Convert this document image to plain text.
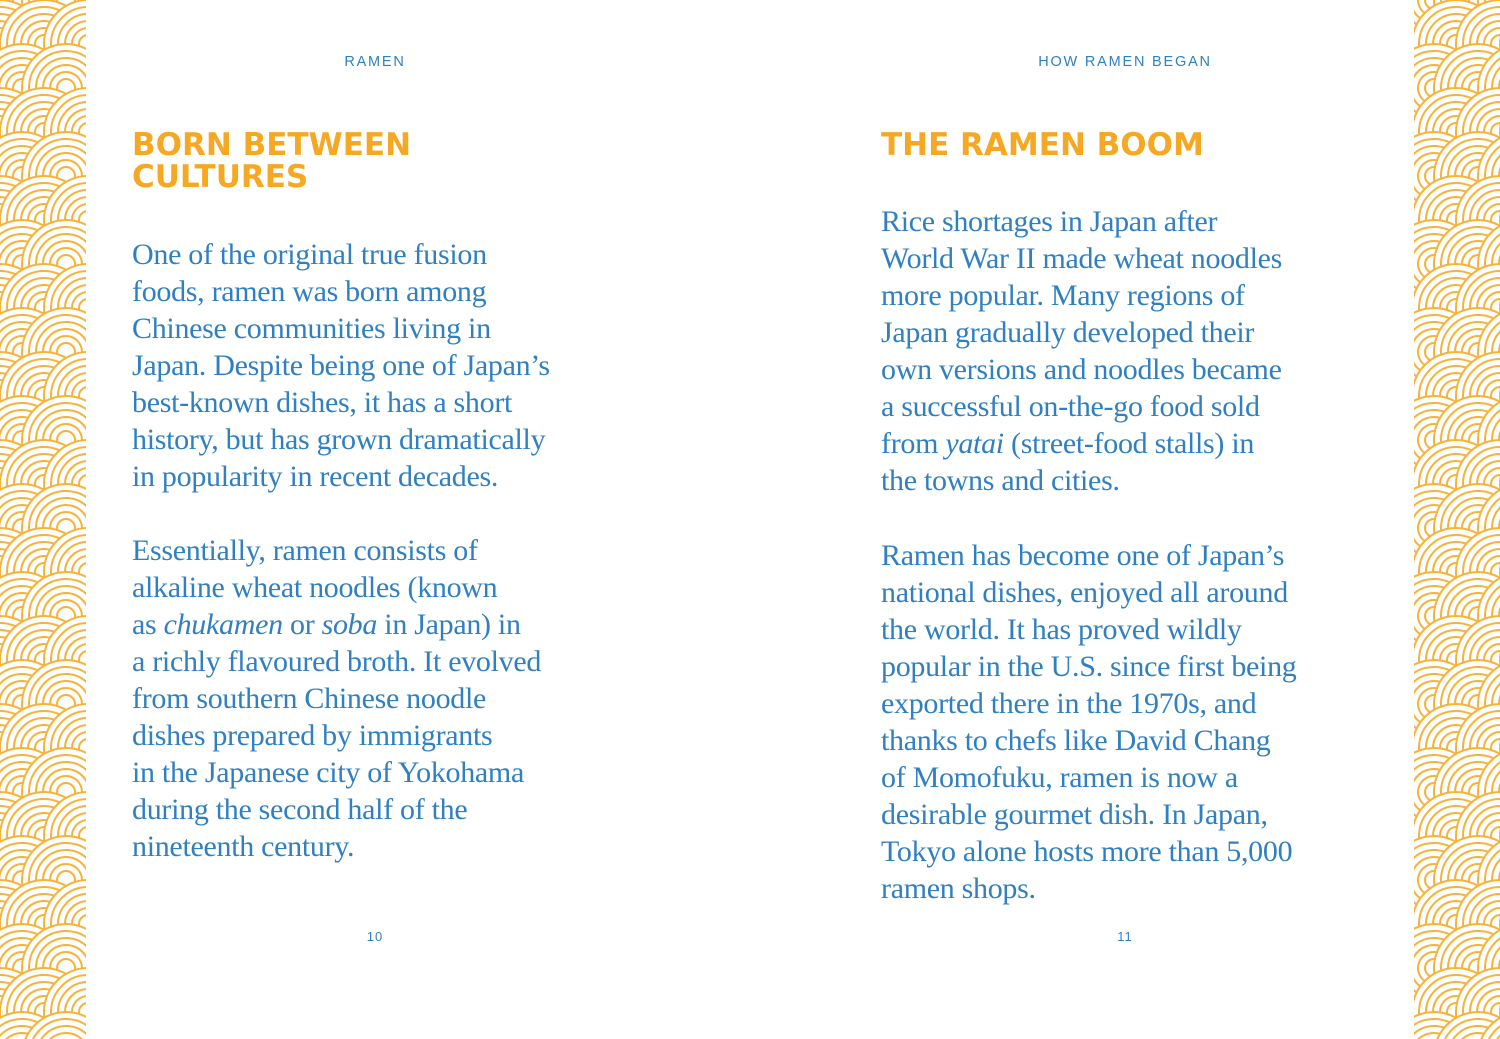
RAMEN
BORN BETWEEN
CULTURES

One of the original true fusion
foods, ramen was born among
Chinese communities living in
Japan. Despite being one of Japan’s
best-known dishes, it has a short
history, but has grown dramatically
in popularity in recent decades.

Essentially, ramen consists of
alkaline wheat noodles (known
as chukamen or soba in Japan) in
a richly flavoured broth. It evolved
from southern Chinese noodle
dishes prepared by immigrants
in the Japanese city of Yokohama
during the second half of the
nineteenth century.

10
HOW RAMEN BEGAN
THE RAMEN BOOM

Rice shortages in Japan after
World War II made wheat noodles
more popular. Many regions of
Japan gradually developed their
own versions and noodles became
a successful on-the-go food sold
from yatai (street-food stalls) in
the towns and cities.

Ramen has become one of Japan’s
national dishes, enjoyed all around
the world. It has proved wildly
popular in the U.S. since first being
exported there in the 1970s, and
thanks to chefs like David Chang
of Momofuku, ramen is now a
desirable gourmet dish. In Japan,
Tokyo alone hosts more than 5,000
ramen shops.

11
